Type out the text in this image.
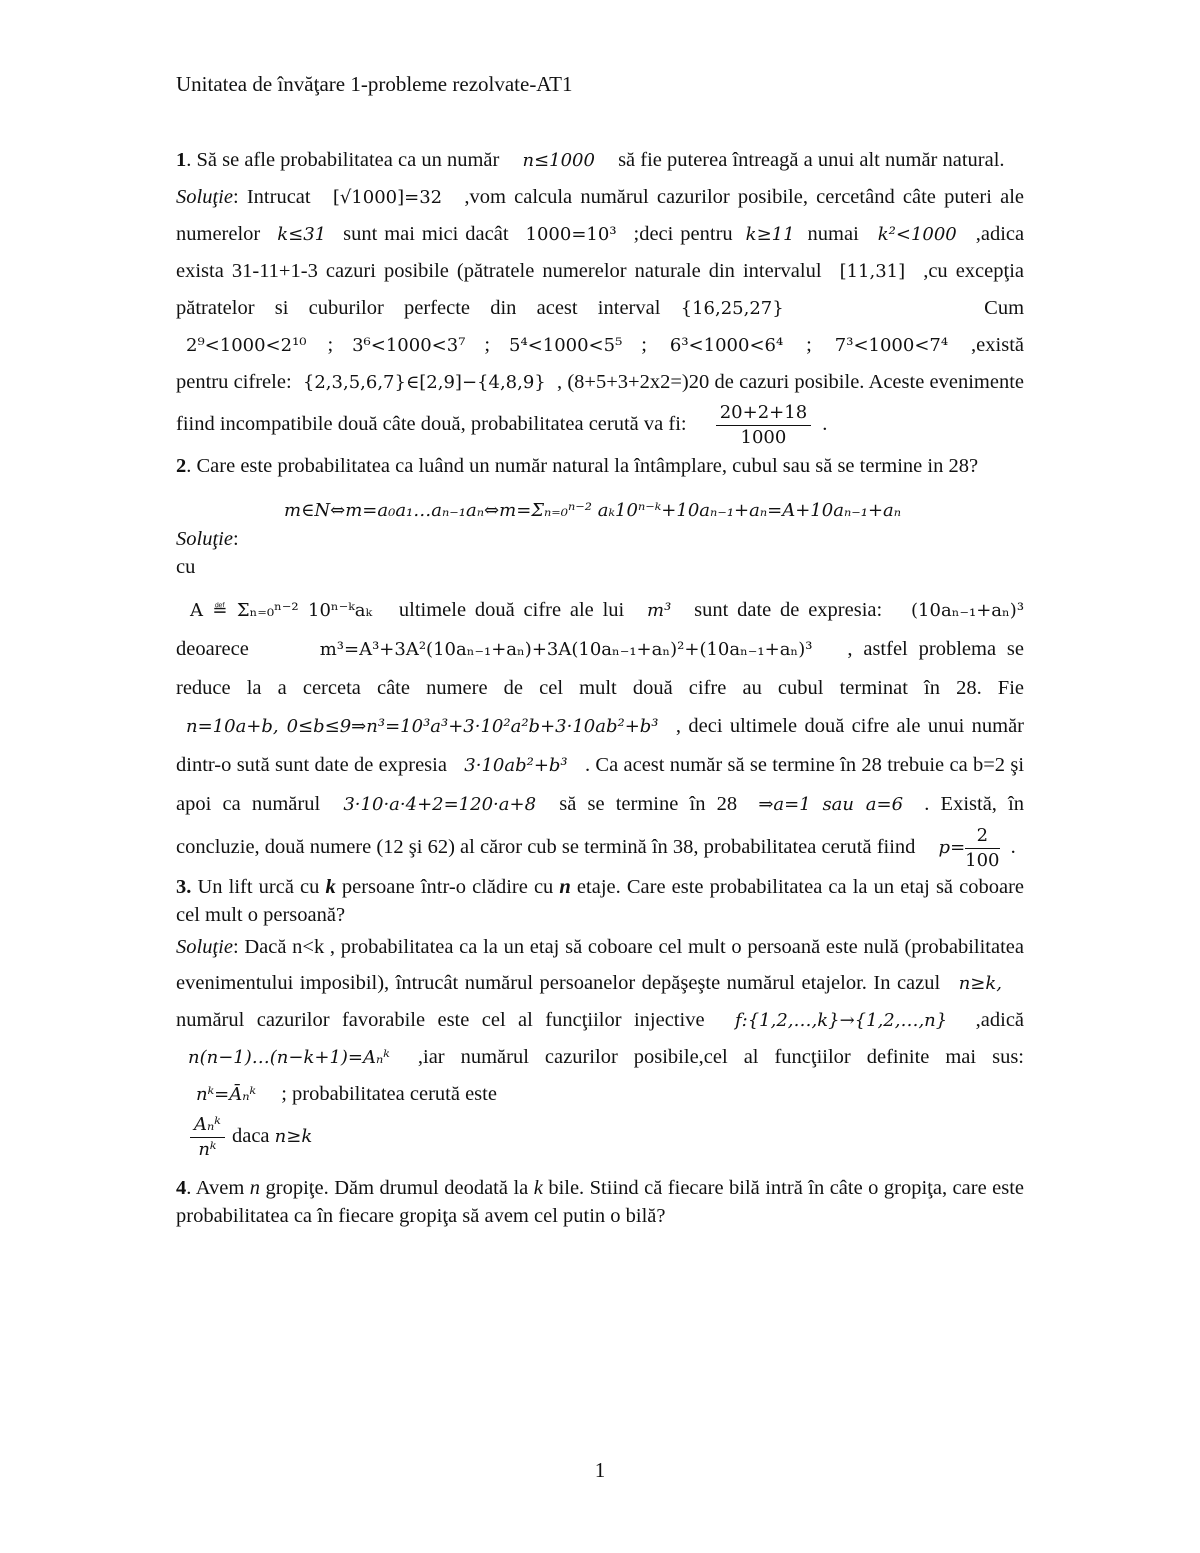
Unitatea de învăţare 1-probleme rezolvate-AT1

1. Să se afle probabilitatea ca un număr n≤1000 să fie puterea întreagă a unui alt număr natural.

Soluţie: Intrucat [√1000]=32 ,vom calcula numărul cazurilor posibile, cercetând câte puteri ale numerelor k≤31 sunt mai mici dacât 1000=10³ ;deci pentru k≥11 numai k²<1000 ,adica exista 31-11+1-3 cazuri posibile (pătratele numerelor naturale din intervalul [11,31] ,cu excepţia pătratelor si cuburilor perfecte din acest interval {16,25,27}	Cum 2⁹<1000<2¹⁰ ; 3⁶<1000<3⁷ ; 5⁴<1000<5⁵ ; 6³<1000<6⁴ ; 7³<1000<7⁴ ,există pentru cifrele: {2,3,5,6,7}∈[2,9]−{4,8,9} , (8+5+3+2x2=)20 de cazuri posibile. Aceste evenimente fiind incompatibile două câte două, probabilitatea cerută va fi: $\frac{20+2+18}{1000}$ .

2. Care este probabilitatea ca luând un număr natural la întâmplare, cubul sau să se termine in 28?

m∈N⇔m=a₀a₁…aₙ₋₁aₙ⇔m=Σₙ₌₀ⁿ⁻² aₖ10ⁿ⁻ᵏ+10aₙ₋₁+aₙ=A+10aₙ₋₁+aₙ

Soluţie:

cu

A ≝ Σₙ₌₀ⁿ⁻² 10ⁿ⁻ᵏaₖ ultimele două cifre ale lui m³ sunt date de expresia: (10aₙ₋₁+aₙ)³ deoarece	m³=A³+3A²(10aₙ₋₁+aₙ)+3A(10aₙ₋₁+aₙ)²+(10aₙ₋₁+aₙ)³ , astfel problema se reduce la a cerceta câte numere de cel mult două cifre au cubul terminat în 28. Fie n=10a+b, 0≤b≤9⇒n³=10³a³+3·10²a²b+3·10ab²+b³ , deci ultimele două cifre ale unui număr dintr-o sută sunt date de expresia 3·10ab²+b³ . Ca acest număr să se termine în 28 trebuie ca b=2 şi apoi ca numărul 3·10·a·4+2=120·a+8 să se termine în 28 ⇒a=1 sau a=6 . Există, în concluzie, două numere (12 şi 62) al căror cub se termină în 38, probabilitatea cerută fiind $p= \frac{2}{100}$ .

3. Un lift urcă cu k persoane într-o clădire cu n etaje. Care este probabilitatea ca la un etaj să coboare cel mult o persoană?

Soluţie: Dacă n<k , probabilitatea ca la un etaj să coboare cel mult o persoană este nulă (probabilitatea evenimentului imposibil), întrucât numărul persoanelor depăşeşte numărul etajelor. In cazul n≥k, numărul cazurilor favorabile este cel al funcţiilor injective f:{1,2,…,k}→{1,2,…,n} ,adică n(n−1)…(n−k+1)=Aₙᵏ ,iar numărul cazurilor posibile,cel al funcţiilor definite mai sus: nᵏ=Āₙᵏ ; probabilitatea cerută este

$\frac{\text{Aₙᵏ}}{\text{nᵏ}}$ daca n≥k

4. Avem n gropiţe. Dăm drumul deodată la k bile. Stiind că fiecare bilă intră în câte o gropiţa, care este probabilitatea ca în fiecare gropiţa să avem cel putin o bilă?

1
